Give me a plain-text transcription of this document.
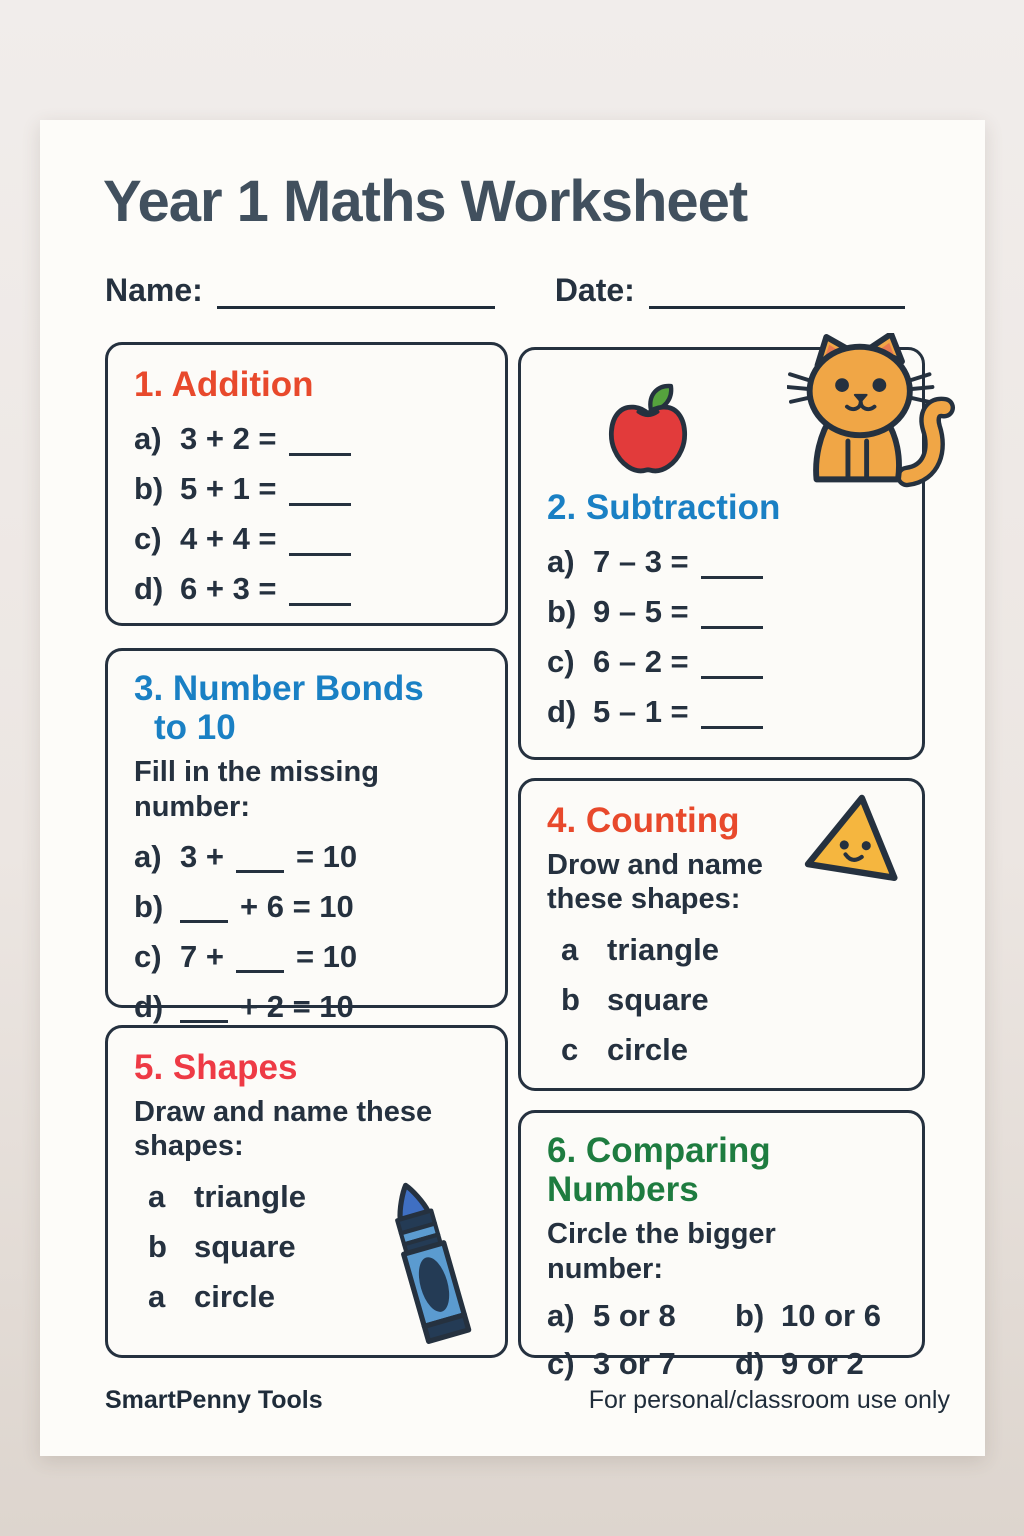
Year 1 Maths Worksheet
Name:	Date:
1. Addition
a) 3 + 2 =
b) 5 + 1 =
c) 4 + 4 =
d) 6 + 3 =
2. Subtraction
a) 7 – 3 =
b) 9 – 5 =
c) 6 – 2 =
d) 5 – 1 =
3. Number Bonds
to 10
Fill in the missing number:
a) 3 + = 10
b)	+ 6 = 10
c) 7 + = 10
d)	+ 2 = 10
4. Counting
Drow and name
these shapes:
a triangle
b square
c circle
5. Shapes
Draw and name these
shapes:
a triangle
b square
a circle
6. Comparing
Numbers
Circle the bigger number:
a) 5 or 8 b) 10 or 6
c) 3 or 7 d) 9 or 2
SmartPenny Tools	For personal/classroom use only
